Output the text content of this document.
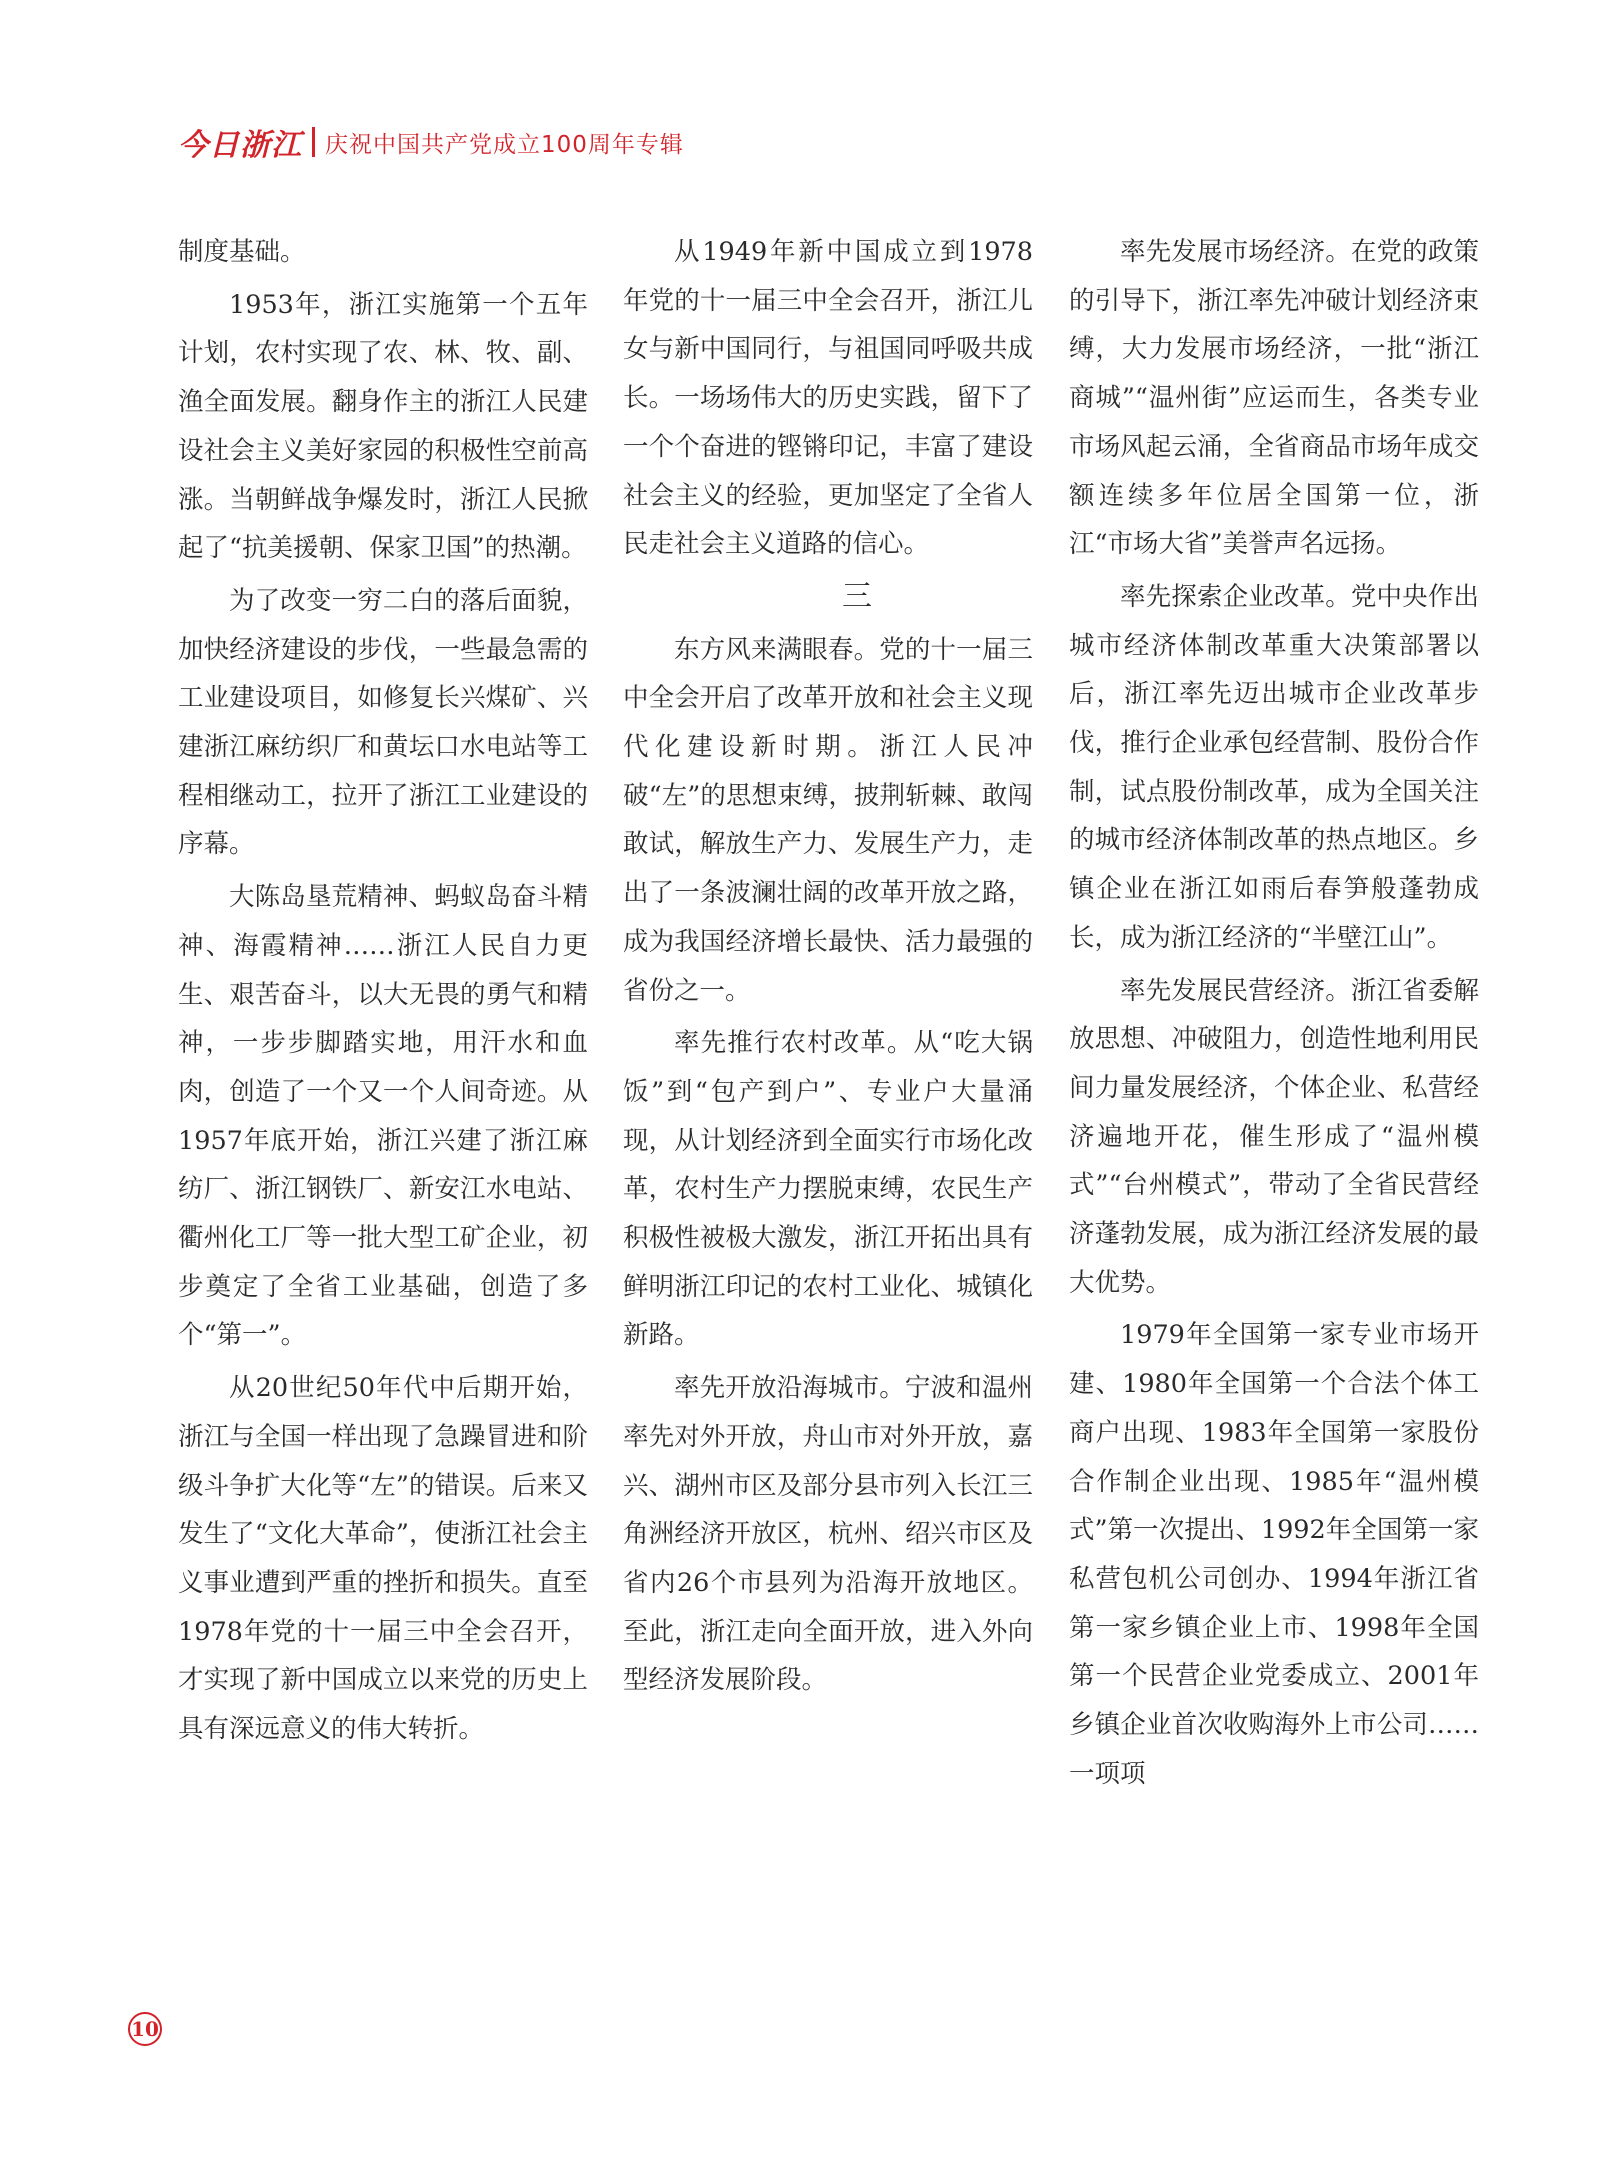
今日浙江 庆祝中国共产党成立100周年专辑

制度基础。

1953年，浙江实施第一个五年计划，农村实现了农、林、牧、副、渔全面发展。翻身作主的浙江人民建设社会主义美好家园的积极性空前高涨。当朝鲜战争爆发时，浙江人民掀起了“抗美援朝、保家卫国”的热潮。

为了改变一穷二白的落后面貌，加快经济建设的步伐，一些最急需的工业建设项目，如修复长兴煤矿、兴建浙江麻纺织厂和黄坛口水电站等工程相继动工，拉开了浙江工业建设的序幕。

大陈岛垦荒精神、蚂蚁岛奋斗精神、海霞精神……浙江人民自力更生、艰苦奋斗，以大无畏的勇气和精神，一步步脚踏实地，用汗水和血肉，创造了一个又一个人间奇迹。从1957年底开始，浙江兴建了浙江麻纺厂、浙江钢铁厂、新安江水电站、衢州化工厂等一批大型工矿企业，初步奠定了全省工业基础，创造了多个“第一”。

从20世纪50年代中后期开始，浙江与全国一样出现了急躁冒进和阶级斗争扩大化等“左”的错误。后来又发生了“文化大革命”，使浙江社会主义事业遭到严重的挫折和损失。直至1978年党的十一届三中全会召开，才实现了新中国成立以来党的历史上具有深远意义的伟大转折。

从1949年新中国成立到1978年党的十一届三中全会召开，浙江儿女与新中国同行，与祖国同呼吸共成长。一场场伟大的历史实践，留下了一个个奋进的铿锵印记，丰富了建设社会主义的经验，更加坚定了全省人民走社会主义道路的信心。

三

东方风来满眼春。党的十一届三中全会开启了改革开放和社会主义现代化建设新时期。浙江人民冲破“左”的思想束缚，披荆斩棘、敢闯敢试，解放生产力、发展生产力，走出了一条波澜壮阔的改革开放之路，成为我国经济增长最快、活力最强的省份之一。

率先推行农村改革。从“吃大锅饭”到“包产到户”、专业户大量涌现，从计划经济到全面实行市场化改革，农村生产力摆脱束缚，农民生产积极性被极大激发，浙江开拓出具有鲜明浙江印记的农村工业化、城镇化新路。

率先开放沿海城市。宁波和温州率先对外开放，舟山市对外开放，嘉兴、湖州市区及部分县市列入长江三角洲经济开放区，杭州、绍兴市区及省内26个市县列为沿海开放地区。至此，浙江走向全面开放，进入外向型经济发展阶段。

率先发展市场经济。在党的政策的引导下，浙江率先冲破计划经济束缚，大力发展市场经济，一批“浙江商城”“温州街”应运而生，各类专业市场风起云涌，全省商品市场年成交额连续多年位居全国第一位，浙江“市场大省”美誉声名远扬。

率先探索企业改革。党中央作出城市经济体制改革重大决策部署以后，浙江率先迈出城市企业改革步伐，推行企业承包经营制、股份合作制，试点股份制改革，成为全国关注的城市经济体制改革的热点地区。乡镇企业在浙江如雨后春笋般蓬勃成长，成为浙江经济的“半壁江山”。

率先发展民营经济。浙江省委解放思想、冲破阻力，创造性地利用民间力量发展经济，个体企业、私营经济遍地开花，催生形成了“温州模式”“台州模式”，带动了全省民营经济蓬勃发展，成为浙江经济发展的最大优势。

1979年全国第一家专业市场开建、1980年全国第一个合法个体工商户出现、1983年全国第一家股份合作制企业出现、1985年“温州模式”第一次提出、1992年全国第一家私营包机公司创办、1994年浙江省第一家乡镇企业上市、1998年全国第一个民营企业党委成立、2001年乡镇企业首次收购海外上市公司……一项项

10
